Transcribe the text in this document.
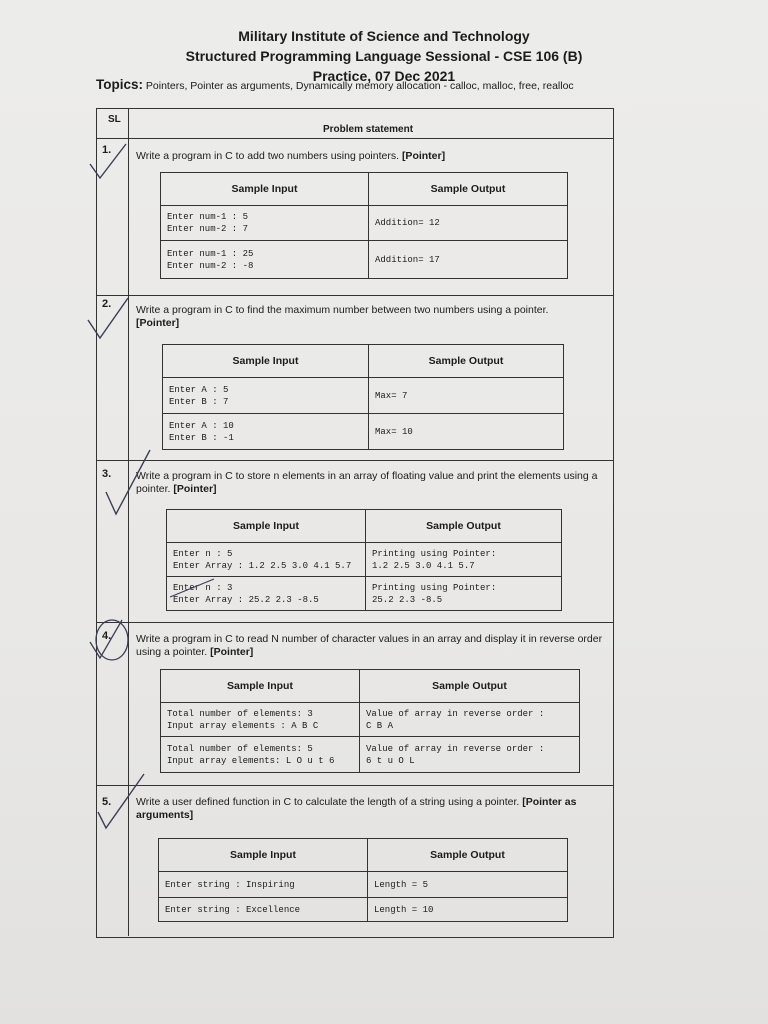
Military Institute of Science and Technology
Structured Programming Language Sessional - CSE 106 (B)
Practice, 07 Dec 2021
Topics: Pointers, Pointer as arguments, Dynamically memory allocation - calloc, malloc, free, realloc
SL
Problem statement
1. Write a program in C to add two numbers using pointers. [Pointer]
Sample Input	Sample Output
Enter num-1 : 5
Enter num-2 : 7	Addition= 12
Enter num-1 : 25
Enter num-2 : -8	Addition= 17
2. Write a program in C to find the maximum number between two numbers using a pointer.
[Pointer]
Sample Input	Sample Output
Enter A : 5
Enter B : 7	Max= 7
Enter A : 10
Enter B : -1	Max= 10
3. Write a program in C to store n elements in an array of floating value and print the elements using a pointer. [Pointer]
Sample Input	Sample Output
Enter n : 5
Enter Array : 1.2 2.5 3.0 4.1 5.7	Printing using Pointer:
1.2 2.5 3.0 4.1 5.7
Enter n : 3
Enter Array : 25.2 2.3 -8.5	Printing using Pointer:
25.2 2.3 -8.5
4. Write a program in C to read N number of character values in an array and display it in reverse order using a pointer. [Pointer]
Sample Input	Sample Output
Total number of elements: 3
Input array elements : A B C	Value of array in reverse order :
C B A
Total number of elements: 5
Input array elements: L O u t 6	Value of array in reverse order :
6 t u O L
5. Write a user defined function in C to calculate the length of a string using a pointer. [Pointer as arguments]
Sample Input	Sample Output
Enter string : Inspiring	Length = 5
Enter string : Excellence	Length = 10
